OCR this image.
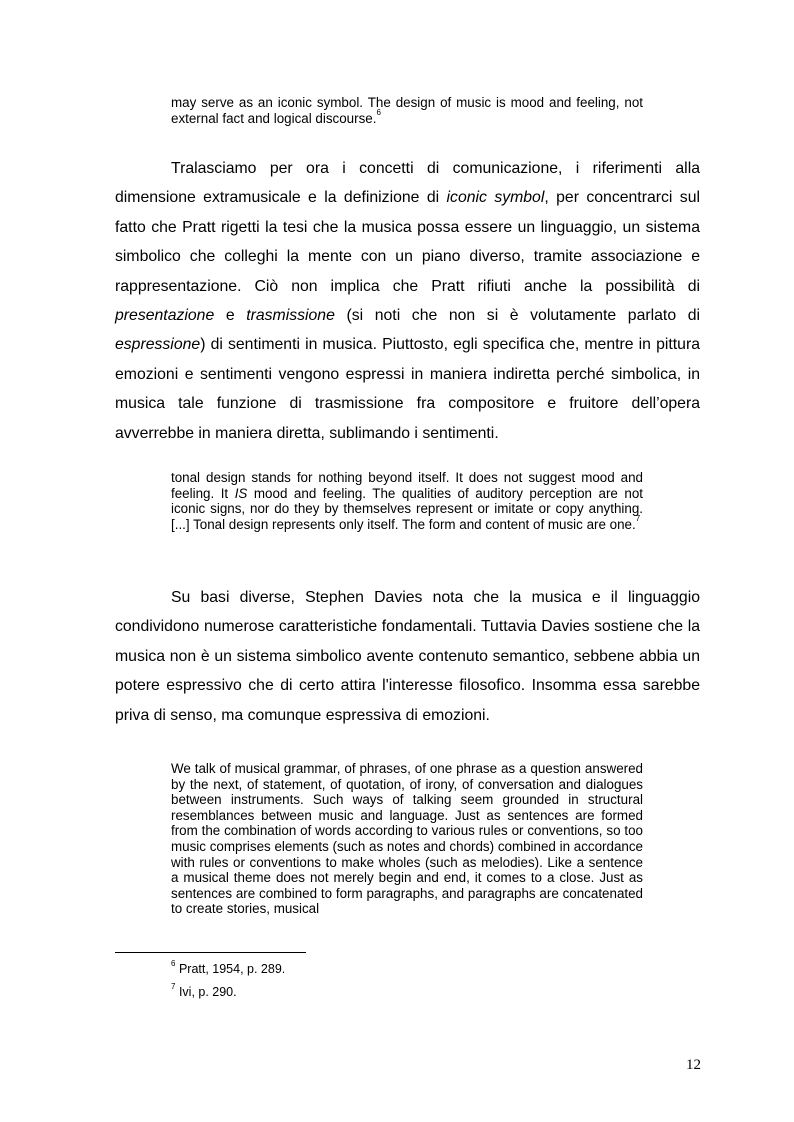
may serve as an iconic symbol. The design of music is mood and feeling, not external fact and logical discourse.$^6$

Tralasciamo per ora i concetti di comunicazione, i riferimenti alla dimensione extramusicale e la definizione di iconic symbol, per concentrarci sul fatto che Pratt rigetti la tesi che la musica possa essere un linguaggio, un sistema simbolico che colleghi la mente con un piano diverso, tramite associazione e rappresentazione. Ciò non implica che Pratt rifiuti anche la possibilità di presentazione e trasmissione (si noti che non si è volutamente parlato di espressione) di sentimenti in musica. Piuttosto, egli specifica che, mentre in pittura emozioni e sentimenti vengono espressi in maniera indiretta perché simbolica, in musica tale funzione di trasmissione fra compositore e fruitore dell’opera avverrebbe in maniera diretta, sublimando i sentimenti.

tonal design stands for nothing beyond itself. It does not suggest mood and feeling. It IS mood and feeling. The qualities of auditory perception are not iconic signs, nor do they by themselves represent or imitate or copy anything. [...] Tonal design represents only itself. The form and content of music are one.$^7$

Su basi diverse, Stephen Davies nota che la musica e il linguaggio condividono numerose caratteristiche fondamentali. Tuttavia Davies sostiene che la musica non è un sistema simbolico avente contenuto semantico, sebbene abbia un potere espressivo che di certo attira l'interesse filosofico. Insomma essa sarebbe priva di senso, ma comunque espressiva di emozioni.

We talk of musical grammar, of phrases, of one phrase as a question answered by the next, of statement, of quotation, of irony, of conversation and dialogues between instruments. Such ways of talking seem grounded in structural resemblances between music and language. Just as sentences are formed from the combination of words according to various rules or conventions, so too music comprises elements (such as notes and chords) combined in accordance with rules or conventions to make wholes (such as melodies). Like a sentence a musical theme does not merely begin and end, it comes to a close. Just as sentences are combined to form paragraphs, and paragraphs are concatenated to create stories, musical

$^6$ Pratt, 1954, p. 289.
$^7$ Ivi, p. 290.
12
